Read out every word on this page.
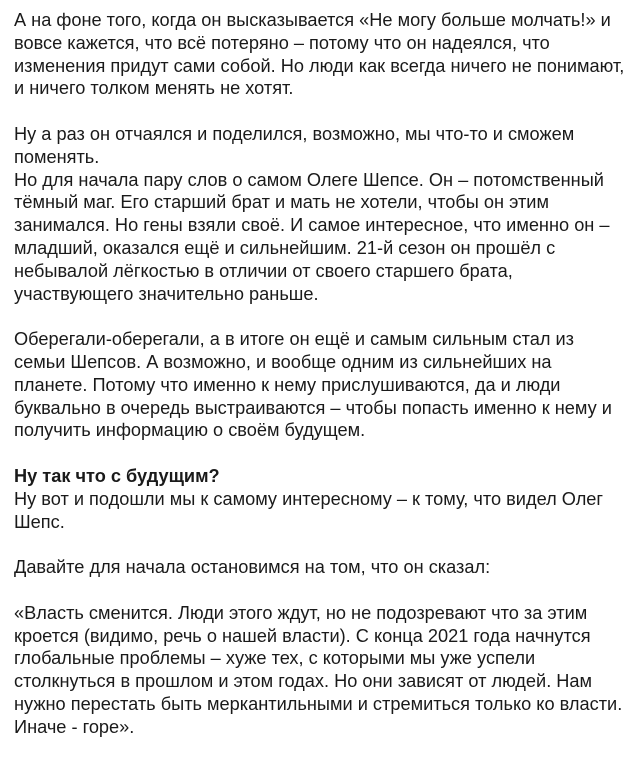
А на фоне того, когда он высказывается «Не могу больше молчать!» и вовсе кажется, что всё потеряно – потому что он надеялся, что изменения придут сами собой. Но люди как всегда ничего не понимают, и ничего толком менять не хотят.

Ну а раз он отчаялся и поделился, возможно, мы что-то и сможем поменять.

Но для начала пару слов о самом Олеге Шепсе. Он – потомственный тёмный маг. Его старший брат и мать не хотели, чтобы он этим занимался. Но гены взяли своё. И самое интересное, что именно он – младший, оказался ещё и сильнейшим. 21-й сезон он прошёл с небывалой лёгкостью в отличии от своего старшего брата, участвующего значительно раньше.

Оберегали-оберегали, а в итоге он ещё и самым сильным стал из семьи Шепсов. А возможно, и вообще одним из сильнейших на планете. Потому что именно к нему прислушиваются, да и люди буквально в очередь выстраиваются – чтобы попасть именно к нему и получить информацию о своём будущем.

Ну так что с будущим?

Ну вот и подошли мы к самому интересному – к тому, что видел Олег Шепс.

Давайте для начала остановимся на том, что он сказал:

«Власть сменится. Люди этого ждут, но не подозревают что за этим кроется (видимо, речь о нашей власти). С конца 2021 года начнутся глобальные проблемы – хуже тех, с которыми мы уже успели столкнуться в прошлом и этом годах. Но они зависят от людей. Нам нужно перестать быть меркантильными и стремиться только ко власти. Иначе - горе».
